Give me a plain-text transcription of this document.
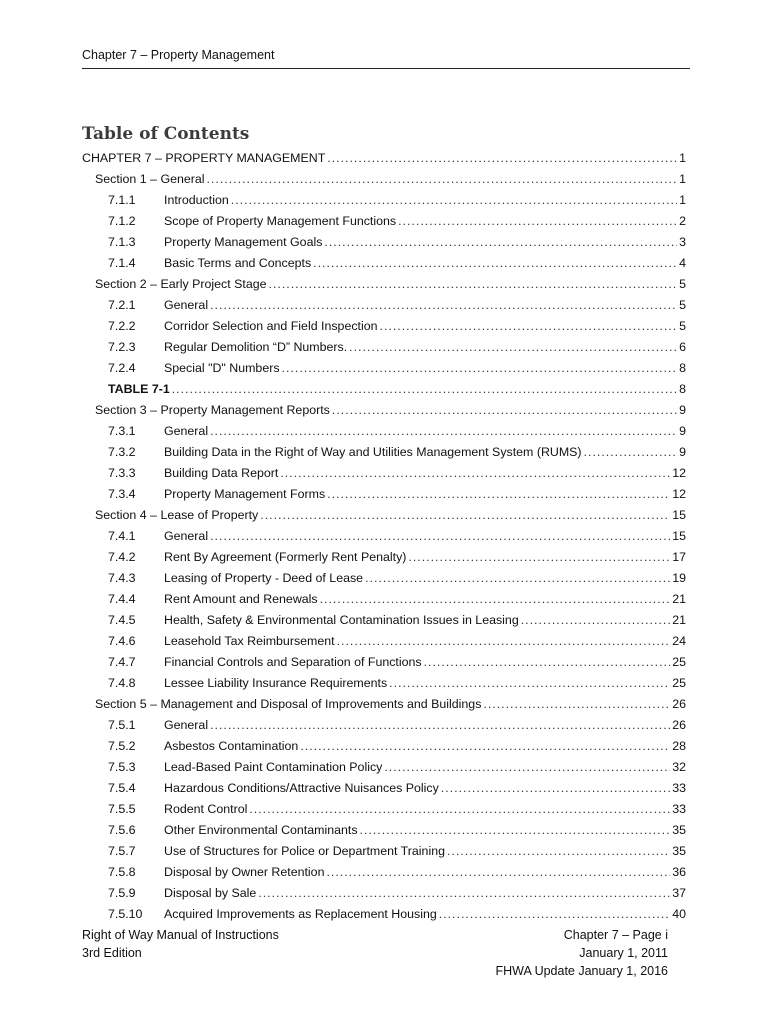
Chapter 7 – Property Management
Table of Contents
CHAPTER 7 – PROPERTY MANAGEMENT .....	1
Section 1 – General .....	1
7.1.1	Introduction .....	1
7.1.2	Scope of Property Management Functions .....	2
7.1.3	Property Management Goals .....	3
7.1.4	Basic Terms and Concepts .....	4
Section 2 – Early Project Stage .....	5
7.2.1	General .....	5
7.2.2	Corridor Selection and Field Inspection .....	5
7.2.3	Regular Demolition “D” Numbers. .....	6
7.2.4	Special "D" Numbers .....	8
TABLE 7-1 .....	8
Section 3 – Property Management Reports .....	9
7.3.1	General .....	9
7.3.2	Building Data in the Right of Way and Utilities Management System (RUMS) .....	9
7.3.3	Building Data Report .....	12
7.3.4	Property Management Forms .....	12
Section 4 – Lease of Property .....	15
7.4.1	General .....	15
7.4.2	Rent By Agreement (Formerly Rent Penalty) .....	17
7.4.3	Leasing of Property - Deed of Lease .....	19
7.4.4	Rent Amount and Renewals .....	21
7.4.5	Health, Safety & Environmental Contamination Issues in Leasing .....	21
7.4.6	Leasehold Tax Reimbursement .....	24
7.4.7	Financial Controls and Separation of Functions .....	25
7.4.8	Lessee Liability Insurance Requirements .....	25
Section 5 – Management and Disposal of Improvements and Buildings .....	26
7.5.1	General .....	26
7.5.2	Asbestos Contamination .....	28
7.5.3	Lead-Based Paint Contamination Policy .....	32
7.5.4	Hazardous Conditions/Attractive Nuisances Policy .....	33
7.5.5	Rodent Control .....	33
7.5.6	Other Environmental Contaminants .....	35
7.5.7	Use of Structures for Police or Department Training .....	35
7.5.8	Disposal by Owner Retention .....	36
7.5.9	Disposal by Sale .....	37
7.5.10	Acquired Improvements as Replacement Housing .....	40
Right of Way Manual of Instructions
3rd Edition
Chapter 7 – Page i
January 1, 2011
FHWA Update January 1, 2016
